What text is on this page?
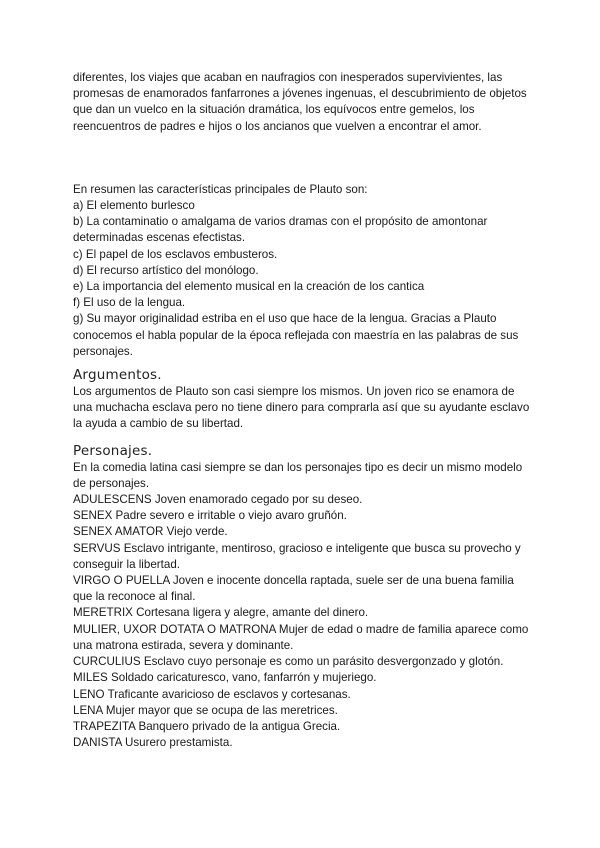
diferentes, los viajes que acaban en naufragios con inesperados supervivientes, las promesas de enamorados fanfarrones a jóvenes ingenuas, el descubrimiento de objetos que dan un vuelco en la situación dramática, los equívocos entre gemelos, los reencuentros de padres e hijos o los ancianos que vuelven a encontrar el amor.

En resumen las características principales de Plauto son:

a) El elemento burlesco

b) La contaminatio o amalgama de varios dramas con el propósito de amontonar determinadas escenas efectistas.

c) El papel de los esclavos embusteros.

d) El recurso artístico del monólogo.

e) La importancia del elemento musical en la creación de los cantica

f) El uso de la lengua.

g) Su mayor originalidad estriba en el uso que hace de la lengua. Gracias a Plauto conocemos el habla popular de la época reflejada con maestría en las palabras de sus

personajes.

Argumentos.

Los argumentos de Plauto son casi siempre los mismos. Un joven rico se enamora de una muchacha esclava pero no tiene dinero para comprarla así que su ayudante esclavo la ayuda a cambio de su libertad.

Personajes.

En la comedia latina casi siempre se dan los personajes tipo es decir un mismo modelo de personajes.

ADULESCENS Joven enamorado cegado por su deseo.

SENEX Padre severo e irritable o viejo avaro gruñón.

SENEX AMATOR Viejo verde.

SERVUS Esclavo intrigante, mentiroso, gracioso e inteligente que busca su provecho y conseguir la libertad.

VIRGO O PUELLA Joven e inocente doncella raptada, suele ser de una buena familia que la reconoce al final.

MERETRIX Cortesana ligera y alegre, amante del dinero.

MULIER, UXOR DOTATA O MATRONA Mujer de edad o madre de familia aparece como una matrona estirada, severa y dominante.

CURCULIUS Esclavo cuyo personaje es como un parásito desvergonzado y glotón.

MILES Soldado caricaturesco, vano, fanfarrón y mujeriego.

LENO Traficante avaricioso de esclavos y cortesanas.

LENA Mujer mayor que se ocupa de las meretrices.

TRAPEZITA Banquero privado de la antigua Grecia.

DANISTA Usurero prestamista.
